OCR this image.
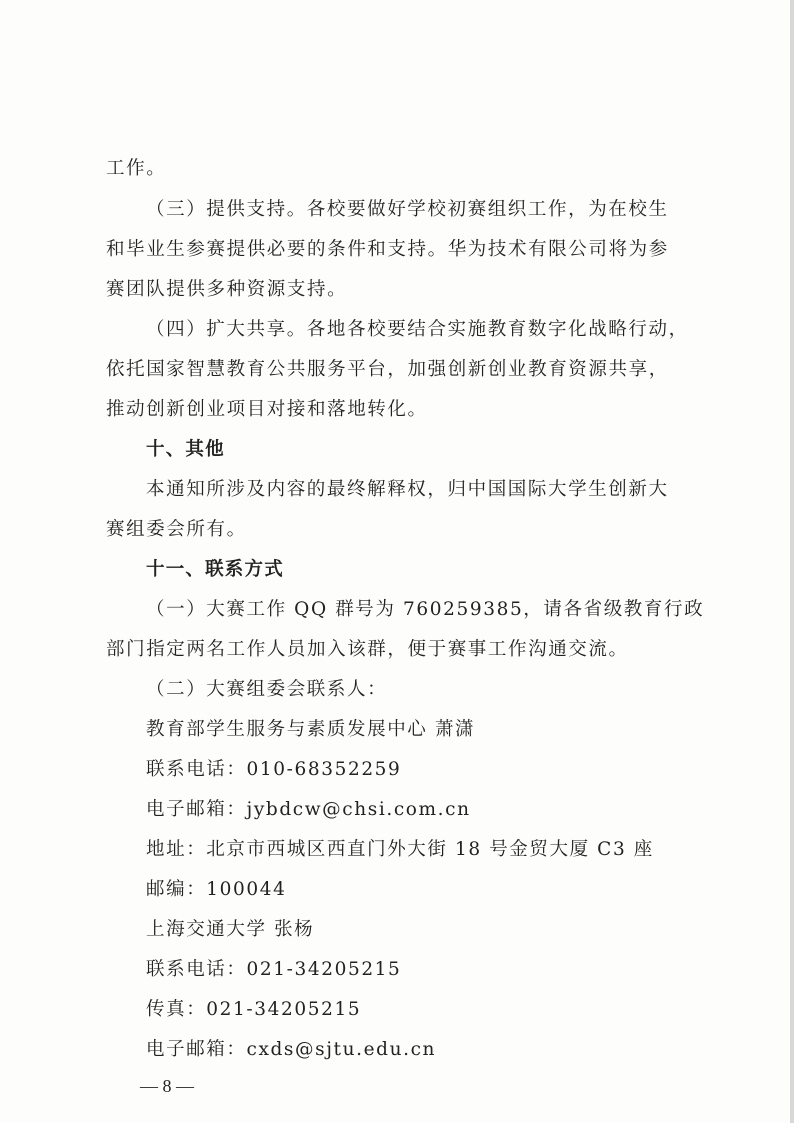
工作。
（三）提供支持。各校要做好学校初赛组织工作，为在校生
和毕业生参赛提供必要的条件和支持。华为技术有限公司将为参
赛团队提供多种资源支持。
（四）扩大共享。各地各校要结合实施教育数字化战略行动，
依托国家智慧教育公共服务平台，加强创新创业教育资源共享，
推动创新创业项目对接和落地转化。
十、其他
本通知所涉及内容的最终解释权，归中国国际大学生创新大
赛组委会所有。
十一、联系方式
（一）大赛工作 QQ 群号为 760259385，请各省级教育行政
部门指定两名工作人员加入该群，便于赛事工作沟通交流。
（二）大赛组委会联系人：
教育部学生服务与素质发展中心 萧潇
联系电话：010-68352259
电子邮箱：jybdcw@chsi.com.cn
地址：北京市西城区西直门外大街 18 号金贸大厦 C3 座
邮编：100044
上海交通大学 张杨
联系电话：021-34205215
传真：021-34205215
电子邮箱：cxds@sjtu.edu.cn
— 8 —
